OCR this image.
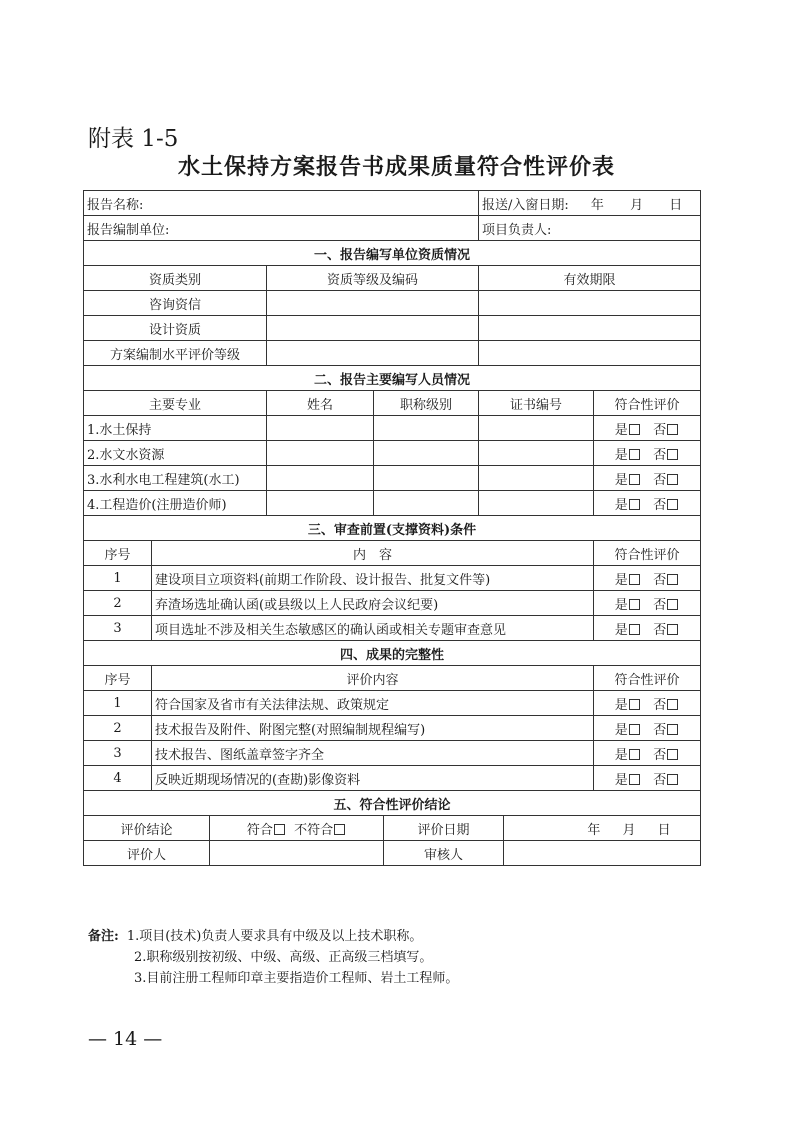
附表 1-5
水土保持方案报告书成果质量符合性评价表
报告名称:						报送/入窗日期: 年 月 日		
报告编制单位:						项目负责人:		
一、报告编写单位资质情况								
资质类别			资质等级及编码			有效期限		
咨询资信								
设计资质								
方案编制水平评价等级								
二、报告主要编写人员情况								
主要专业			姓名	职称级别		证书编号		符合性评价
1.水土保持								是 否
2.水文水资源								是 否
3.水利水电工程建筑(水工)								是 否
4.工程造价(注册造价师)								是 否
三、审查前置(支撑资料)条件								
序号	内　容							符合性评价
1	建设项目立项资料(前期工作阶段、设计报告、批复文件等)							是 否
2	弃渣场选址确认函(或县级以上人民政府会议纪要)							是 否
3	项目选址不涉及相关生态敏感区的确认函或相关专题审查意见							是 否
四、成果的完整性								
序号	评价内容							符合性评价
1	符合国家及省市有关法律法规、政策规定							是 否
2	技术报告及附件、附图完整(对照编制规程编写)							是 否
3	技术报告、图纸盖章签字齐全							是 否
4	反映近期现场情况的(查勘)影像资料							是 否
五、符合性评价结论								
评价结论		符合 不符合			评价日期		年 月 日	
评价人					审核人			
备注: 1.项目(技术)负责人要求具有中级及以上技术职称。
2.职称级别按初级、中级、高级、正高级三档填写。
3.目前注册工程师印章主要指造价工程师、岩土工程师。
— 14 —
